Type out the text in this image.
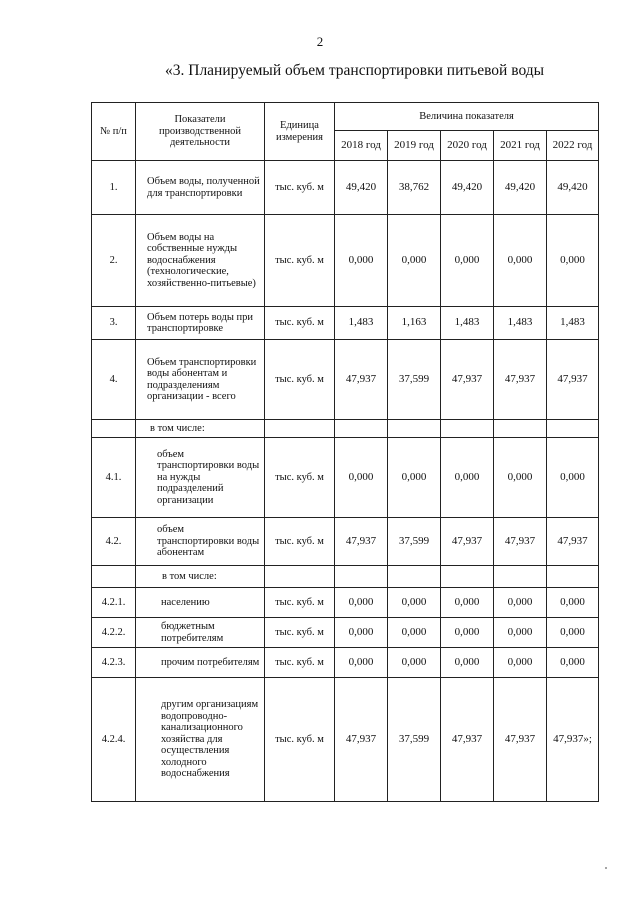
2
«3. Планируемый объем транспортировки питьевой воды
№ п/п	Показатели производственной деятельности	Единица измерения	Величина показателя				
			2018 год	2019 год	2020 год	2021 год	2022 год
1.	Объем воды, полученной для транспортировки	тыс. куб. м	49,420	38,762	49,420	49,420	49,420
2.	Объем воды на собственные нужды водоснабжения (технологические, хозяйственно-питьевые)	тыс. куб. м	0,000	0,000	0,000	0,000	0,000
3.	Объем потерь воды при транспортировке	тыс. куб. м	1,483	1,163	1,483	1,483	1,483
4.	Объем транспортировки воды абонентам и подразделениям организации - всего	тыс. куб. м	47,937	37,599	47,937	47,937	47,937
	в том числе:						
4.1.	объем транспортировки воды на нужды подразделений организации	тыс. куб. м	0,000	0,000	0,000	0,000	0,000
4.2.	объем транспортировки воды абонентам	тыс. куб. м	47,937	37,599	47,937	47,937	47,937
	в том числе:						
4.2.1.	населению	тыс. куб. м	0,000	0,000	0,000	0,000	0,000
4.2.2.	бюджетным потребителям	тыс. куб. м	0,000	0,000	0,000	0,000	0,000
4.2.3.	прочим потребителям	тыс. куб. м	0,000	0,000	0,000	0,000	0,000
4.2.4.	другим организациям водопроводно-канализационного хозяйства для осуществления холодного водоснабжения	тыс. куб. м	47,937	37,599	47,937	47,937	47,937»;
